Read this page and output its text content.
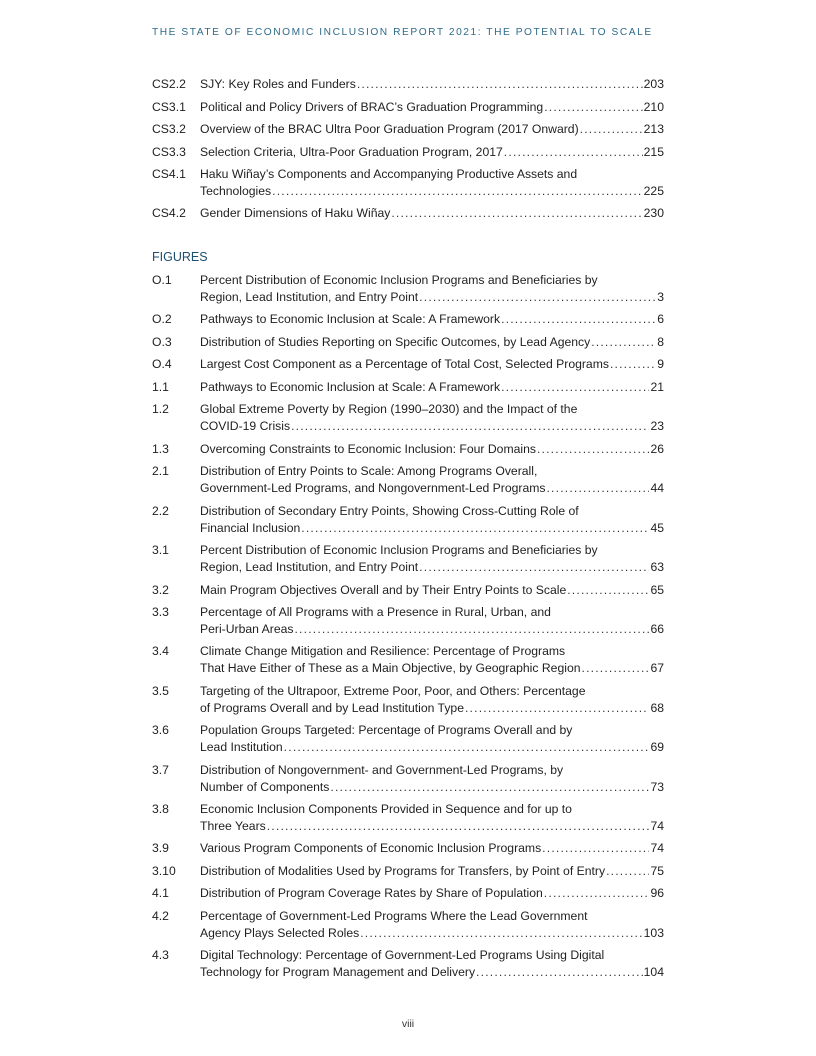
THE STATE OF ECONOMIC INCLUSION REPORT 2021: THE POTENTIAL TO SCALE
CS2.2	SJY: Key Roles and Funders . . .	203
CS3.1	Political and Policy Drivers of BRAC’s Graduation Programming . . .	210
CS3.2	Overview of the BRAC Ultra Poor Graduation Program (2017 Onward) . . .	213
CS3.3	Selection Criteria, Ultra-Poor Graduation Program, 2017 . . .	215
CS4.1	Haku Wiñay’s Components and Accompanying Productive Assets and
Technologies . . .	225
CS4.2	Gender Dimensions of Haku Wiñay . . .	230
FIGURES
O.1	Percent Distribution of Economic Inclusion Programs and Beneficiaries by
Region, Lead Institution, and Entry Point . . .	3
O.2	Pathways to Economic Inclusion at Scale: A Framework . . .	6
O.3	Distribution of Studies Reporting on Specific Outcomes, by Lead Agency . . .	8
O.4	Largest Cost Component as a Percentage of Total Cost, Selected Programs . . .	9
1.1	Pathways to Economic Inclusion at Scale: A Framework . . .	21
1.2	Global Extreme Poverty by Region (1990–2030) and the Impact of the
COVID-19 Crisis . . .	23
1.3	Overcoming Constraints to Economic Inclusion: Four Domains . . .	26
2.1	Distribution of Entry Points to Scale: Among Programs Overall,
Government-Led Programs, and Nongovernment-Led Programs . . .	44
2.2	Distribution of Secondary Entry Points, Showing Cross-Cutting Role of
Financial Inclusion . . .	45
3.1	Percent Distribution of Economic Inclusion Programs and Beneficiaries by
Region, Lead Institution, and Entry Point . . .	63
3.2	Main Program Objectives Overall and by Their Entry Points to Scale . . .	65
3.3	Percentage of All Programs with a Presence in Rural, Urban, and
Peri-Urban Areas . . .	66
3.4	Climate Change Mitigation and Resilience: Percentage of Programs
That Have Either of These as a Main Objective, by Geographic Region . . .	67
3.5	Targeting of the Ultrapoor, Extreme Poor, Poor, and Others: Percentage
of Programs Overall and by Lead Institution Type . . .	68
3.6	Population Groups Targeted: Percentage of Programs Overall and by
Lead Institution . . .	69
3.7	Distribution of Nongovernment- and Government-Led Programs, by
Number of Components . . .	73
3.8	Economic Inclusion Components Provided in Sequence and for up to
Three Years . . .	74
3.9	Various Program Components of Economic Inclusion Programs . . .	74
3.10	Distribution of Modalities Used by Programs for Transfers, by Point of Entry . . .	75
4.1	Distribution of Program Coverage Rates by Share of Population . . .	96
4.2	Percentage of Government-Led Programs Where the Lead Government
Agency Plays Selected Roles . . .	103
4.3	Digital Technology: Percentage of Government-Led Programs Using Digital
Technology for Program Management and Delivery . . .	104
viii
